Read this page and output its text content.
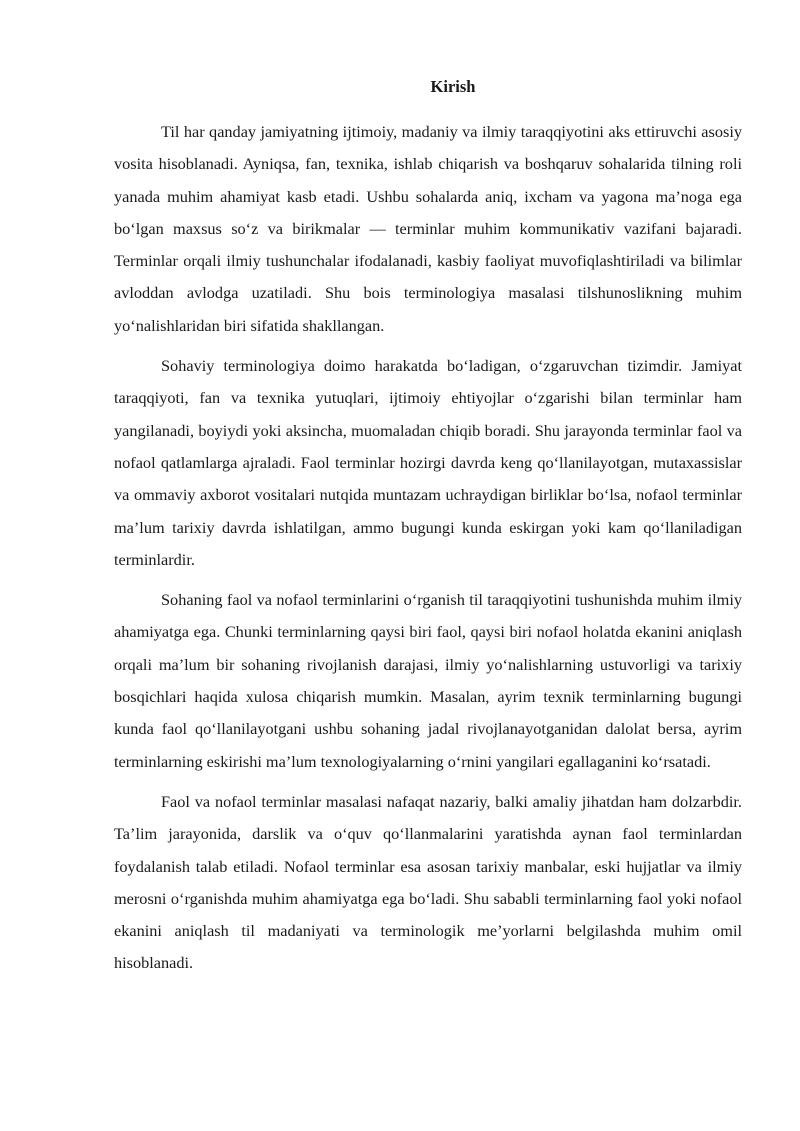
Kirish

Til har qanday jamiyatning ijtimoiy, madaniy va ilmiy taraqqiyotini aks ettiruvchi asosiy vosita hisoblanadi. Ayniqsa, fan, texnika, ishlab chiqarish va boshqaruv sohalarida tilning roli yanada muhim ahamiyat kasb etadi. Ushbu sohalarda aniq, ixcham va yagona ma’noga ega bo‘lgan maxsus so‘z va birikmalar — terminlar muhim kommunikativ vazifani bajaradi. Terminlar orqali ilmiy tushunchalar ifodalanadi, kasbiy faoliyat muvofiqlashtiriladi va bilimlar avloddan avlodga uzatiladi. Shu bois terminologiya masalasi tilshunoslikning muhim yo‘nalishlaridan biri sifatida shakllangan.

Sohaviy terminologiya doimo harakatda bo‘ladigan, o‘zgaruvchan tizimdir. Jamiyat taraqqiyoti, fan va texnika yutuqlari, ijtimoiy ehtiyojlar o‘zgarishi bilan terminlar ham yangilanadi, boyiydi yoki aksincha, muomaladan chiqib boradi. Shu jarayonda terminlar faol va nofaol qatlamlarga ajraladi. Faol terminlar hozirgi davrda keng qo‘llanilayotgan, mutaxassislar va ommaviy axborot vositalari nutqida muntazam uchraydigan birliklar bo‘lsa, nofaol terminlar ma’lum tarixiy davrda ishlatilgan, ammo bugungi kunda eskirgan yoki kam qo‘llaniladigan terminlardir.

Sohaning faol va nofaol terminlarini o‘rganish til taraqqiyotini tushunishda muhim ilmiy ahamiyatga ega. Chunki terminlarning qaysi biri faol, qaysi biri nofaol holatda ekanini aniqlash orqali ma’lum bir sohaning rivojlanish darajasi, ilmiy yo‘nalishlarning ustuvorligi va tarixiy bosqichlari haqida xulosa chiqarish mumkin. Masalan, ayrim texnik terminlarning bugungi kunda faol qo‘llanilayotgani ushbu sohaning jadal rivojlanayotganidan dalolat bersa, ayrim terminlarning eskirishi ma’lum texnologiyalarning o‘rnini yangilari egallaganini ko‘rsatadi.

Faol va nofaol terminlar masalasi nafaqat nazariy, balki amaliy jihatdan ham dolzarbdir. Ta’lim jarayonida, darslik va o‘quv qo‘llanmalarini yaratishda aynan faol terminlardan foydalanish talab etiladi. Nofaol terminlar esa asosan tarixiy manbalar, eski hujjatlar va ilmiy merosni o‘rganishda muhim ahamiyatga ega bo‘ladi. Shu sababli terminlarning faol yoki nofaol ekanini aniqlash til madaniyati va terminologik me’yorlarni belgilashda muhim omil hisoblanadi.
